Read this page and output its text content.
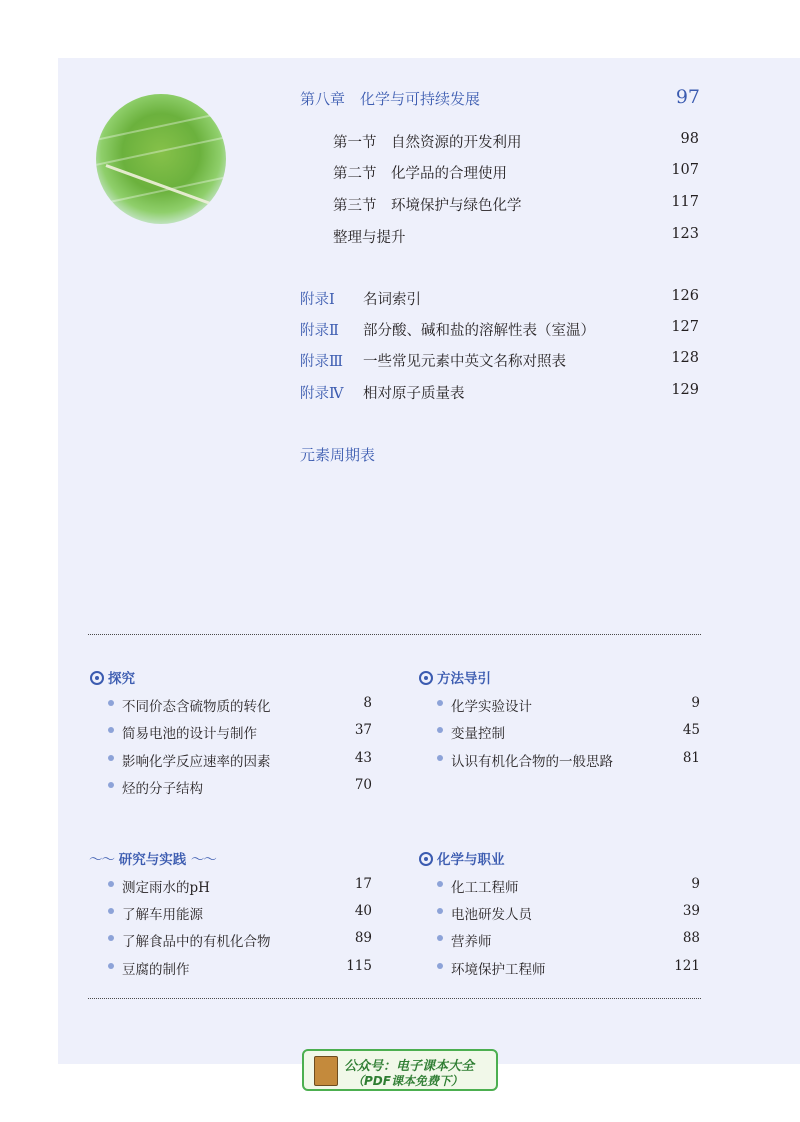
第八章　化学与可持续发展	97
第一节　自然资源的开发利用	98
第二节　化学品的合理使用	107
第三节　环境保护与绿色化学	117
整理与提升	123
附录Ⅰ 名词索引	126
附录Ⅱ 部分酸、碱和盐的溶解性表（室温）	127
附录Ⅲ 一些常见元素中英文名称对照表	128
附录Ⅳ 相对原子质量表	129
元素周期表
探究
不同价态含硫物质的转化	8
简易电池的设计与制作	37
影响化学反应速率的因素	43
烃的分子结构	70
方法导引
化学实验设计	9
变量控制	45
认识有机化合物的一般思路	81
〜〜 研究与实践 〜〜
测定雨水的pH	17
了解车用能源	40
了解食品中的有机化合物	89
豆腐的制作	115
化学与职业
化工工程师	9
电池研发人员	39
营养师	88
环境保护工程师	121
公众号：电子课本大全
（PDF课本免费下）
